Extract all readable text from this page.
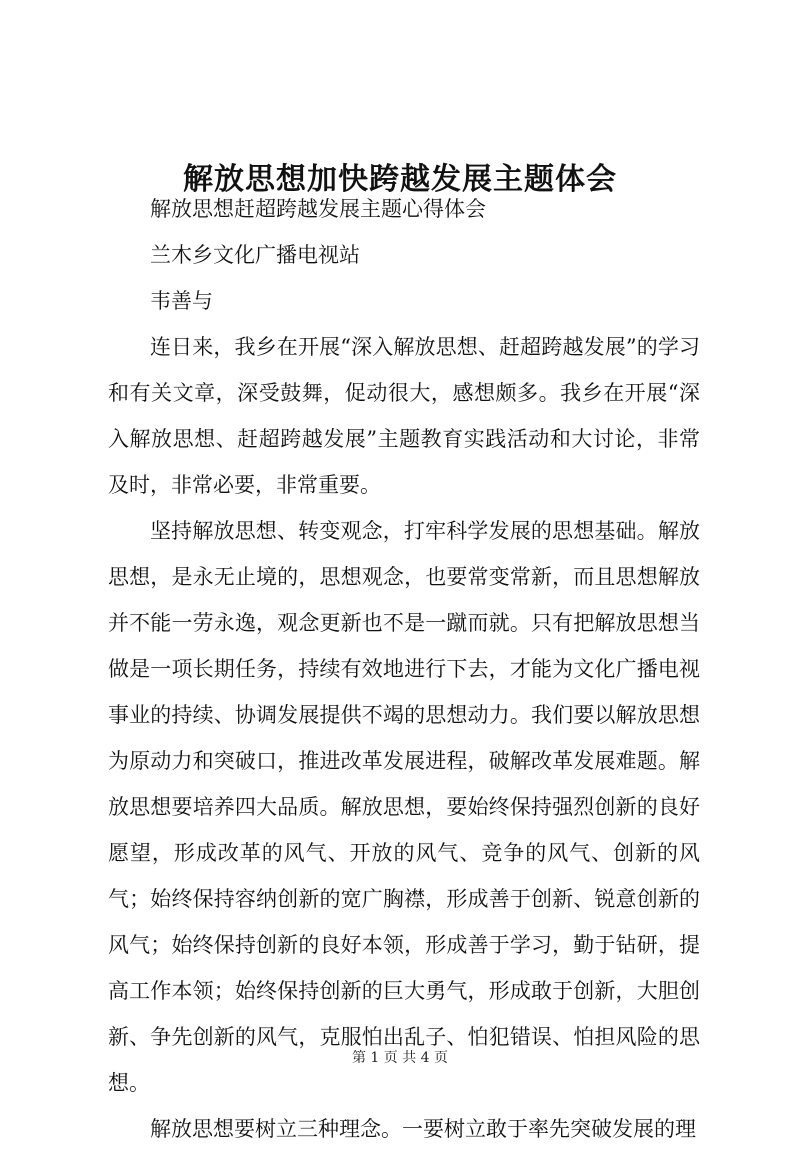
解放思想加快跨越发展主题体会

解放思想赶超跨越发展主题心得体会

兰木乡文化广播电视站

韦善与

连日来，我乡在开展“深入解放思想、赶超跨越发展”的学习和有关文章，深受鼓舞，促动很大，感想颇多。我乡在开展“深入解放思想、赶超跨越发展”主题教育实践活动和大讨论，非常及时，非常必要，非常重要。

坚持解放思想、转变观念，打牢科学发展的思想基础。解放思想，是永无止境的，思想观念，也要常变常新，而且思想解放并不能一劳永逸，观念更新也不是一蹴而就。只有把解放思想当做是一项长期任务，持续有效地进行下去，才能为文化广播电视事业的持续、协调发展提供不竭的思想动力。我们要以解放思想为原动力和突破口，推进改革发展进程，破解改革发展难题。解放思想要培养四大品质。解放思想，要始终保持强烈创新的良好愿望，形成改革的风气、开放的风气、竞争的风气、创新的风气；始终保持容纳创新的宽广胸襟，形成善于创新、锐意创新的风气；始终保持创新的良好本领，形成善于学习，勤于钻研，提高工作本领；始终保持创新的巨大勇气，形成敢于创新，大胆创新、争先创新的风气，克服怕出乱子、怕犯错误、怕担风险的思想。

解放思想要树立三种理念。一要树立敢于率先突破发展的理

第 1 页 共 4 页
